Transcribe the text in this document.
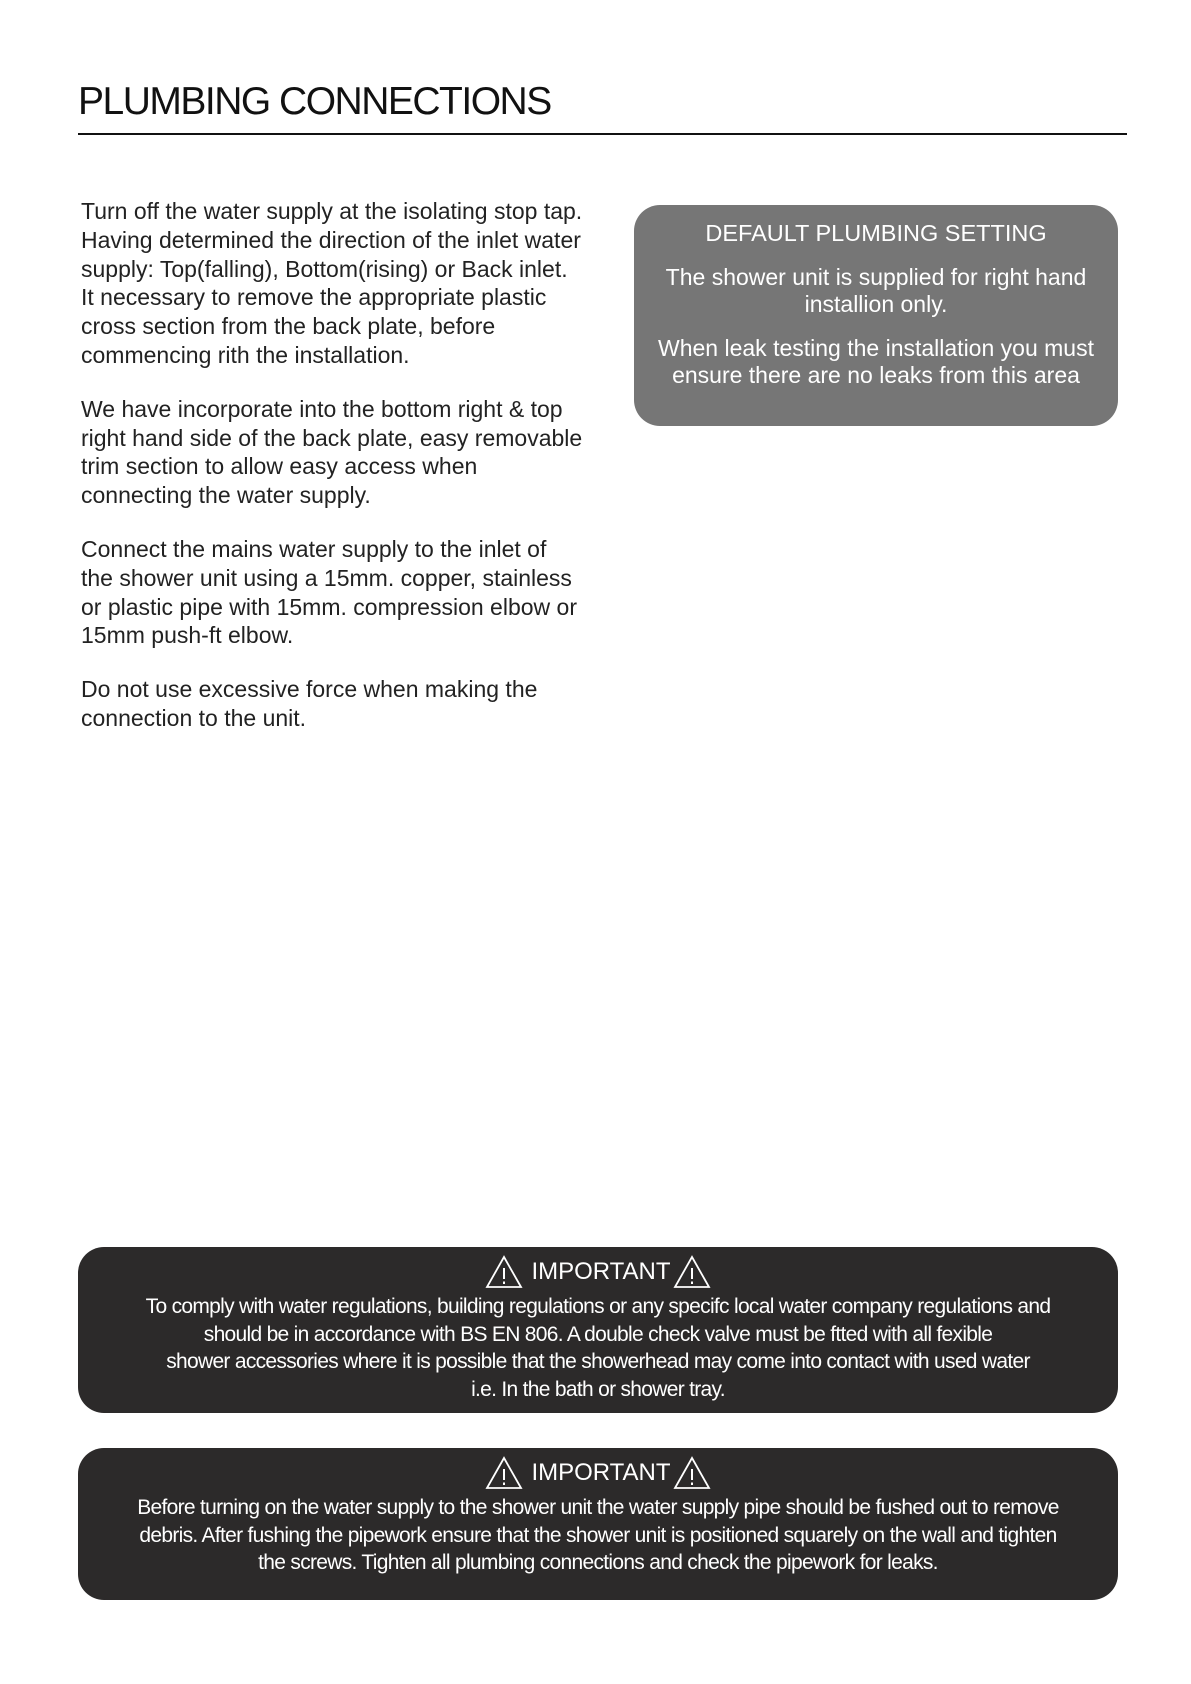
PLUMBING CONNECTIONS

Turn off the water supply at the isolating stop tap.
Having determined the direction of the inlet water
supply: Top(falling), Bottom(rising) or Back inlet.
It necessary to remove the appropriate plastic
cross section from the back plate, before
commencing rith the installation.

We have incorporate into the bottom right & top
right hand side of the back plate, easy removable
trim section to allow easy access when
connecting the water supply.

Connect the mains water supply to the inlet of
the shower unit using a 15mm. copper, stainless
or plastic pipe with 15mm. compression elbow or
15mm push-ft elbow.

Do not use excessive force when making the
connection to the unit.

DEFAULT PLUMBING SETTING

The shower unit is supplied for right hand
installion only.

When leak testing the installation you must
ensure there are no leaks from this area

IMPORTANT
To comply with water regulations, building regulations or any specifc local water company regulations and
should be in accordance with BS EN 806. A double check valve must be ftted with all fexible
shower accessories where it is possible that the showerhead may come into contact with used water
i.e. In the bath or shower tray.
IMPORTANT
Before turning on the water supply to the shower unit the water supply pipe should be fushed out to remove
debris. After fushing the pipework ensure that the shower unit is positioned squarely on the wall and tighten
the screws. Tighten all plumbing connections and check the pipework for leaks.
